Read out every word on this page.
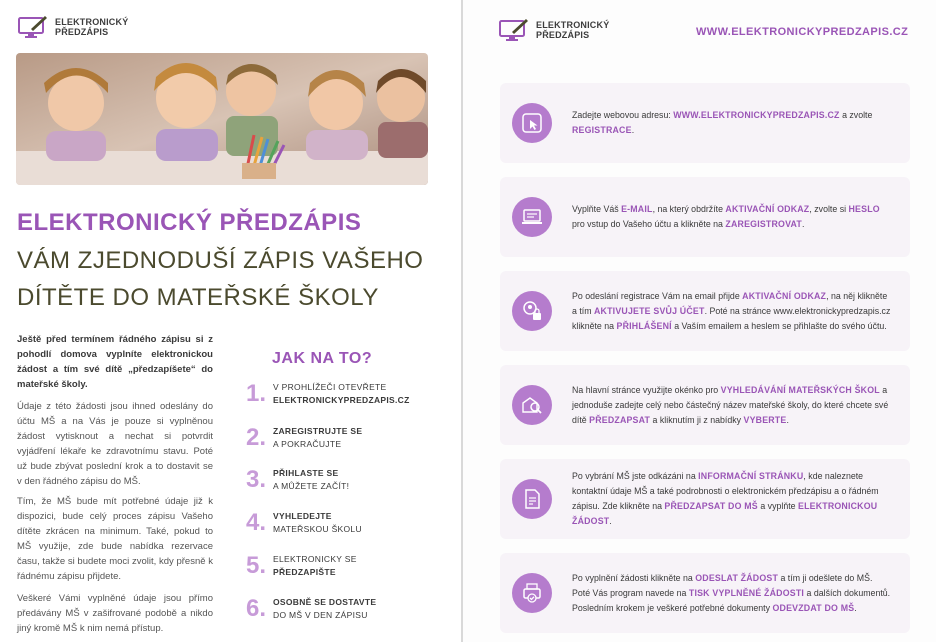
ELEKTRONICKÝ
PŘEDZÁPIS
ELEKTRONICKÝ PŘEDZÁPIS
VÁM ZJEDNODUŠÍ ZÁPIS VAŠEHO
DÍTĚTE DO MATEŘSKÉ ŠKOLY

Ještě před termínem řádného zápisu si z pohodlí domova vyplníte elektronickou žádost a tím své dítě „předzapíšete“ do mateřské školy.

Údaje z této žádosti jsou ihned odeslány do účtu MŠ a na Vás je pouze si vyplněnou žádost vytisknout a nechat si potvrdit vyjádření lékaře ke zdravotnímu stavu. Poté už bude zbývat poslední krok a to dostavit se v den řádného zápisu do MŠ.

Tím, že MŠ bude mít potřebné údaje již k dispozici, bude celý proces zápisu Vašeho dítěte zkrácen na minimum. Také, pokud to MŠ využije, zde bude nabídka rezervace času, takže si budete moci zvolit, kdy přesně k řádnému zápisu přijdete.

Veškeré Vámi vyplněné údaje jsou přímo předávány MŠ v zašifrované podobě a nikdo jiný kromě MŠ k nim nemá přístup.

JAK NA TO?
1. V PROHLÍŽEČI OTEVŘETE
ELEKTRONICKYPREDZAPIS.CZ
2. ZAREGISTRUJTE SE
A POKRAČUJTE
3. PŘIHLASTE SE
A MŮŽETE ZAČÍT!
4. VYHLEDEJTE
MATEŘSKOU ŠKOLU
5. ELEKTRONICKY SE
PŘEDZAPIŠTE
6. OSOBNĚ SE DOSTAVTE
DO MŠ V DEN ZÁPISU
ELEKTRONICKÝ
PŘEDZÁPIS	WWW.ELEKTRONICKYPREDZAPIS.CZ
Zadejte webovou adresu: WWW.ELEKTRONICKYPREDZAPIS.CZ a zvolte REGISTRACE.
Vyplňte Váš E-MAIL, na který obdržíte AKTIVAČNÍ ODKAZ, zvolte si HESLO pro vstup do Vašeho účtu a klikněte na ZAREGISTROVAT.
Po odeslání registrace Vám na email přijde AKTIVAČNÍ ODKAZ, na něj klikněte a tím AKTIVUJETE SVŮJ ÚČET. Poté na stránce www.elektronickypredzapis.cz klikněte na PŘIHLÁŠENÍ a Vaším emailem a heslem se přihlašte do svého účtu.
Na hlavní stránce využijte okénko pro VYHLEDÁVÁNÍ MATEŘSKÝCH ŠKOL a jednoduše zadejte celý nebo částečný název mateřské školy, do které chcete své dítě PŘEDZAPSAT a kliknutím ji z nabídky VYBERTE.
Po vybrání MŠ jste odkázáni na INFORMAČNÍ STRÁNKU, kde naleznete kontaktní údaje MŠ a také podrobnosti o elektronickém předzápisu a o řádném zápisu. Zde klikněte na PŘEDZAPSAT DO MŠ a vyplňte ELEKTRONICKOU ŽÁDOST.
Po vyplnění žádosti klikněte na ODESLAT ŽÁDOST a tím ji odešlete do MŠ. Poté Vás program navede na TISK VYPLNĚNÉ ŽÁDOSTI a dalších dokumentů. Posledním krokem je veškeré potřebné dokumenty ODEVZDAT DO MŠ.
